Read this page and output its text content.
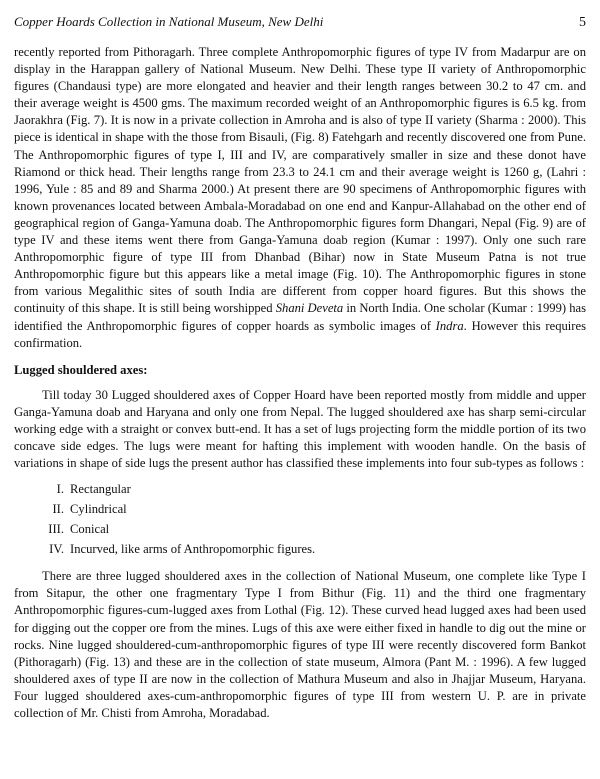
Copper Hoards Collection in National Museum, New Delhi	5

recently reported from Pithoragarh. Three complete Anthropomorphic figures of type IV from Madarpur are on display in the Harappan gallery of National Museum. New Delhi. These type II variety of Anthropomorphic figures (Chandausi type) are more elongated and heavier and their length ranges between 30.2 to 47 cm. and their average weight is 4500 gms. The maximum recorded weight of an Anthropomorphic figures is 6.5 kg. from Jaorakhra (Fig. 7). It is now in a private collection in Amroha and is also of type II variety (Sharma : 2000). This piece is identical in shape with the those from Bisauli, (Fig. 8) Fatehgarh and recently discovered one from Pune. The Anthropomorphic figures of type I, III and IV, are comparatively smaller in size and these donot have Riamond or thick head. Their lengths range from 23.3 to 24.1 cm and their average weight is 1260 g, (Lahri : 1996, Yule : 85 and 89 and Sharma 2000.) At present there are 90 specimens of Anthropomorphic figures with known provenances located between Ambala-Moradabad on one end and Kanpur-Allahabad on the other end of geographical region of Ganga-Yamuna doab. The Anthropomorphic figures form Dhangari, Nepal (Fig. 9) are of type IV and these items went there from Ganga-Yamuna doab region (Kumar : 1997). Only one such rare Anthropomorphic figure of type III from Dhanbad (Bihar) now in State Museum Patna is not true Anthropomorphic figure but this appears like a metal image (Fig. 10). The Anthropomorphic figures in stone from various Megalithic sites of south India are different from copper hoard figures. But this shows the continuity of this shape. It is still being worshipped Shani Deveta in North India. One scholar (Kumar : 1999) has identified the Anthropomorphic figures of copper hoards as symbolic images of Indra. However this requires confirmation.

Lugged shouldered axes:

Till today 30 Lugged shouldered axes of Copper Hoard have been reported mostly from middle and upper Ganga-Yamuna doab and Haryana and only one from Nepal. The lugged shouldered axe has sharp semi-circular working edge with a straight or convex butt-end. It has a set of lugs projecting form the middle portion of its two concave side edges. The lugs were meant for hafting this implement with wooden handle. On the basis of variations in shape of side lugs the present author has classified these implements into four sub-types as follows :

I. Rectangular
II. Cylindrical
III. Conical
IV. Incurved, like arms of Anthropomorphic figures.

There are three lugged shouldered axes in the collection of National Museum, one complete like Type I from Sitapur, the other one fragmentary Type I from Bithur (Fig. 11) and the third one fragmentary Anthropomorphic figures-cum-lugged axes from Lothal (Fig. 12). These curved head lugged axes had been used for digging out the copper ore from the mines. Lugs of this axe were either fixed in handle to dig out the mine or rocks. Nine lugged shouldered-cum-anthropomorphic figures of type III were recently discovered form Bankot (Pithoragarh) (Fig. 13) and these are in the collection of state museum, Almora (Pant M. : 1996). A few lugged shouldered axes of type II are now in the collection of Mathura Museum and also in Jhajjar Museum, Haryana. Four lugged shouldered axes-cum-anthropomorphic figures of type III from western U. P. are in private collection of Mr. Chisti from Amroha, Moradabad.
